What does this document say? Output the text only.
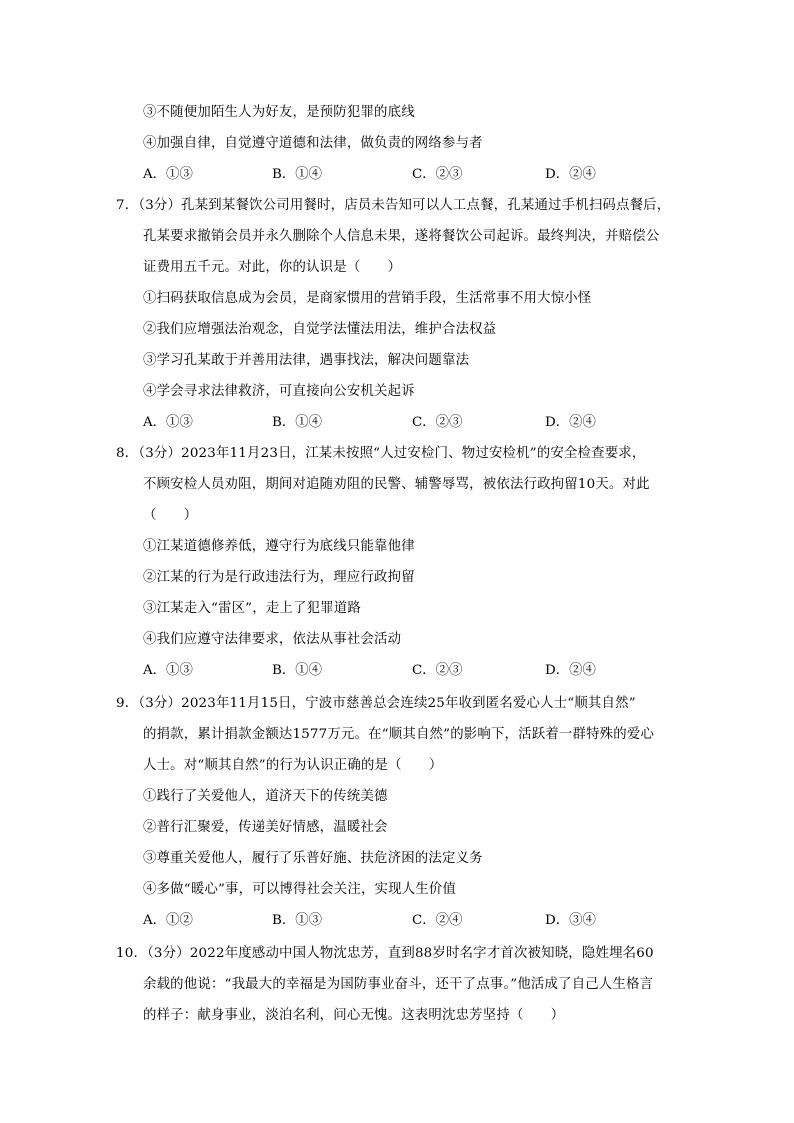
③不随便加陌生人为好友，是预防犯罪的底线
④加强自律，自觉遵守道德和法律，做负责的网络参与者
A．①③	B．①④	C．②③	D．②④
7．（3分）孔某到某餐饮公司用餐时，店员未告知可以人工点餐，孔某通过手机扫码点餐后，
孔某要求撤销会员并永久删除个人信息未果，遂将餐饮公司起诉。最终判决，并赔偿公
证费用五千元。对此，你的认识是（　　）
①扫码获取信息成为会员，是商家惯用的营销手段，生活常事不用大惊小怪
②我们应增强法治观念，自觉学法懂法用法，维护合法权益
③学习孔某敢于并善用法律，遇事找法，解决问题靠法
④学会寻求法律救济，可直接向公安机关起诉
A．①③	B．①④	C．②③	D．②④
8．（3分）2023年11月23日，江某未按照“人过安检门、物过安检机”的安全检查要求，
不顾安检人员劝阻，期间对追随劝阻的民警、辅警辱骂，被依法行政拘留10天。对此
（　　）
①江某道德修养低，遵守行为底线只能靠他律
②江某的行为是行政违法行为，理应行政拘留
③江某走入“雷区”，走上了犯罪道路
④我们应遵守法律要求，依法从事社会活动
A．①③	B．①④	C．②③	D．②④
9．（3分）2023年11月15日，宁波市慈善总会连续25年收到匿名爱心人士“顺其自然”
的捐款，累计捐款金额达1577万元。在“顺其自然”的影响下，活跃着一群特殊的爱心
人士。对“顺其自然”的行为认识正确的是（　　）
①践行了关爱他人，道济天下的传统美德
②普行汇聚爱，传递美好情感，温暖社会
③尊重关爱他人，履行了乐普好施、扶危济困的法定义务
④多做“暖心”事，可以博得社会关注，实现人生价值
A．①②	B．①③	C．②④	D．③④
10．（3分）2022年度感动中国人物沈忠芳，直到88岁时名字才首次被知晓，隐姓埋名60
余载的他说：“我最大的幸福是为国防事业奋斗，还干了点事。”他活成了自己人生格言
的样子：献身事业，淡泊名利，问心无愧。这表明沈忠芳坚持（　　）
